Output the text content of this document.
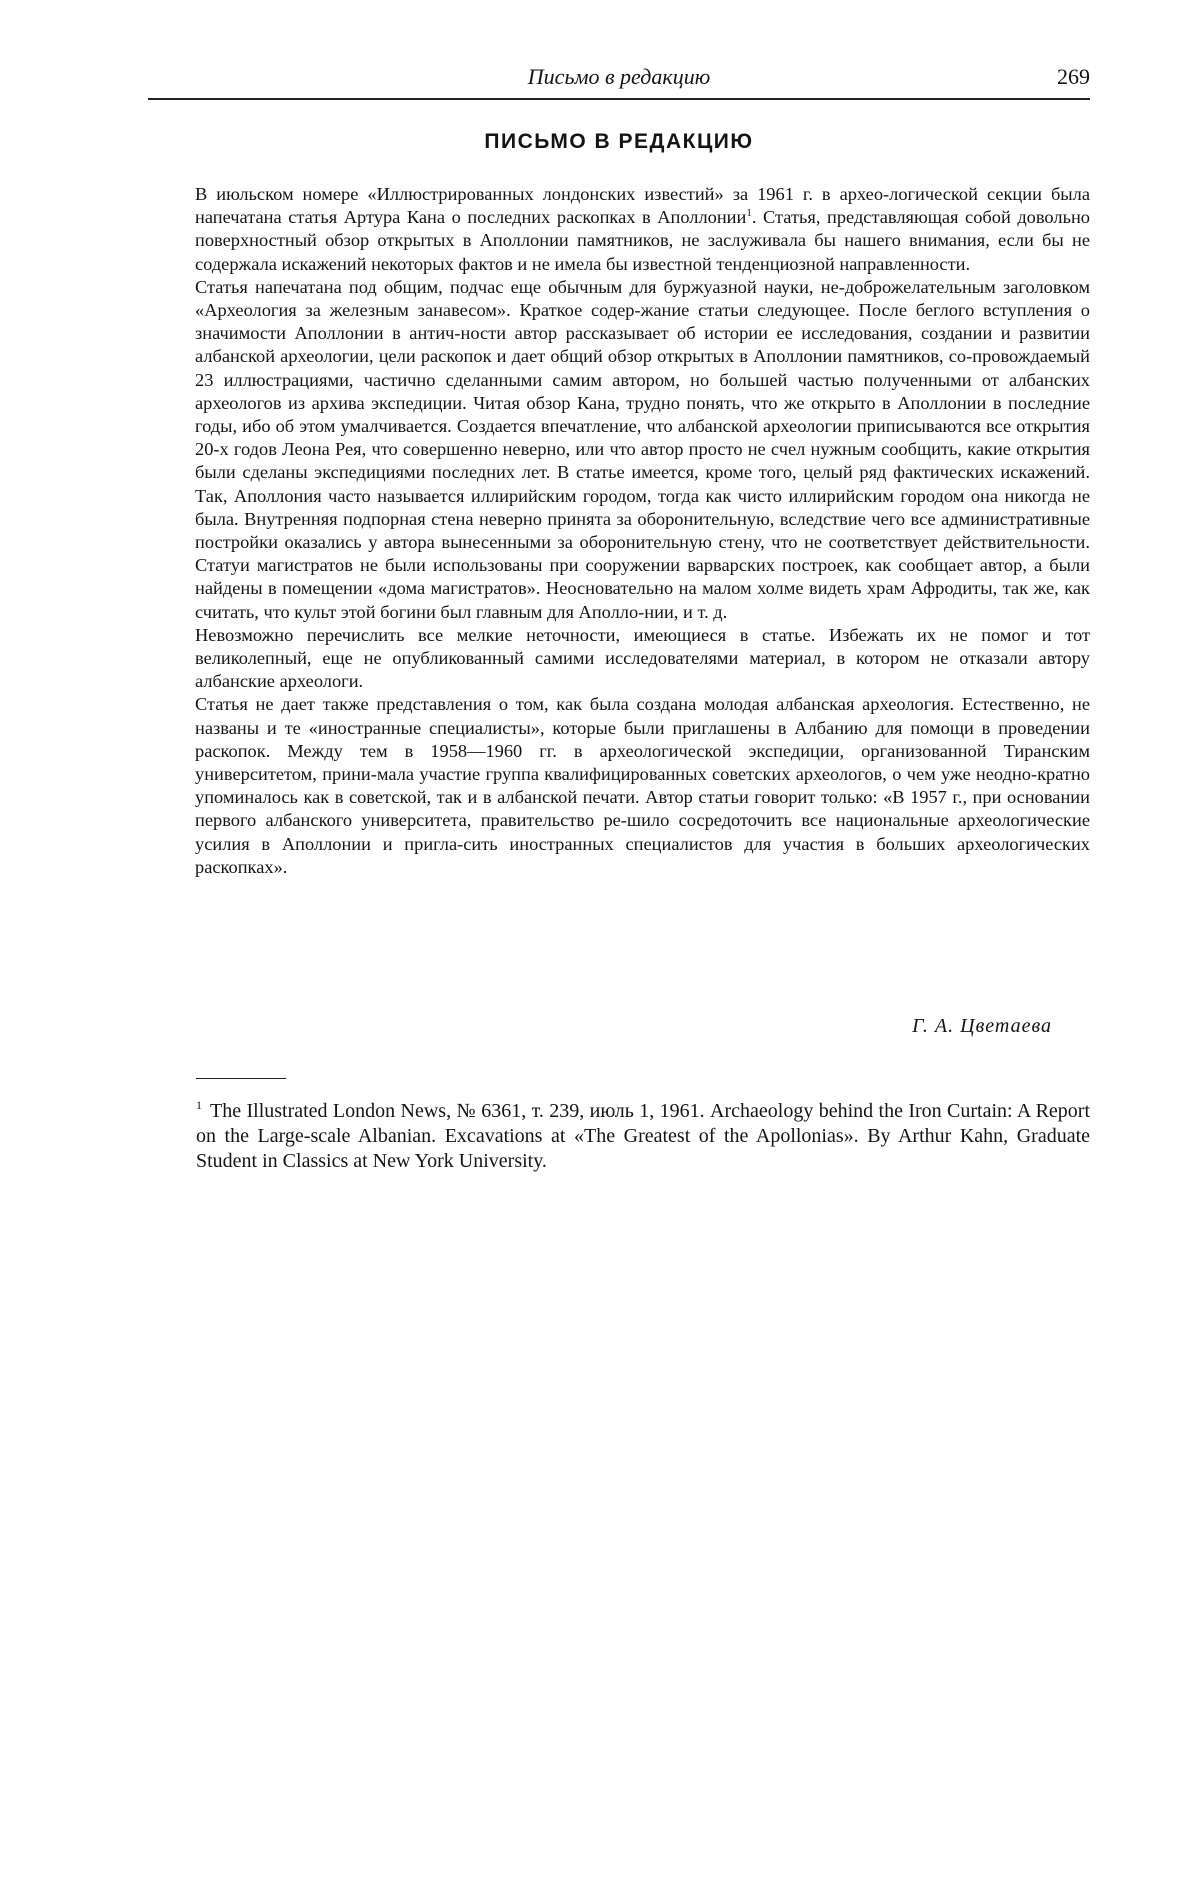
Письмо в редакцию	269
ПИСЬМО В РЕДАКЦИЮ

В июльском номере «Иллюстрированных лондонских известий» за 1961 г. в архео-логической секции была напечатана статья Артура Кана о последних раскопках в Аполлонии$^1$. Статья, представляющая собой довольно поверхностный обзор открытых в Аполлонии памятников, не заслуживала бы нашего внимания, если бы не содержала искажений некоторых фактов и не имела бы известной тенденциозной направленности.

Статья напечатана под общим, подчас еще обычным для буржуазной науки, не-доброжелательным заголовком «Археология за железным занавесом». Краткое содер-жание статьи следующее. После беглого вступления о значимости Аполлонии в антич-ности автор рассказывает об истории ее исследования, создании и развитии албанской археологии, цели раскопок и дает общий обзор открытых в Аполлонии памятников, со-провождаемый 23 иллюстрациями, частично сделанными самим автором, но большей частью полученными от албанских археологов из архива экспедиции. Читая обзор Кана, трудно понять, что же открыто в Аполлонии в последние годы, ибо об этом умалчивается. Создается впечатление, что албанской археологии приписываются все открытия 20-х годов Леона Рея, что совершенно неверно, или что автор просто не счел нужным сообщить, какие открытия были сделаны экспедициями последних лет. В статье имеется, кроме того, целый ряд фактических искажений. Так, Аполлония часто называется иллирийским городом, тогда как чисто иллирийским городом она никогда не была. Внутренняя подпорная стена неверно принята за оборонительную, вследствие чего все административные постройки оказались у автора вынесенными за оборонительную стену, что не соответствует действительности. Статуи магистратов не были использованы при сооружении варварских построек, как сообщает автор, а были найдены в помещении «дома магистратов». Неосновательно на малом холме видеть храм Афродиты, так же, как считать, что культ этой богини был главным для Аполло-нии, и т. д.

Невозможно перечислить все мелкие неточности, имеющиеся в статье. Избежать их не помог и тот великолепный, еще не опубликованный самими исследователями материал, в котором не отказали автору албанские археологи.

Статья не дает также представления о том, как была создана молодая албанская археология. Естественно, не названы и те «иностранные специалисты», которые были приглашены в Албанию для помощи в проведении раскопок. Между тем в 1958—1960 гг. в археологической экспедиции, организованной Тиранским университетом, прини-мала участие группа квалифицированных советских археологов, о чем уже неодно-кратно упоминалось как в советской, так и в албанской печати. Автор статьи говорит только: «В 1957 г., при основании первого албанского университета, правительство ре-шило сосредоточить все национальные археологические усилия в Аполлонии и пригла-сить иностранных специалистов для участия в больших археологических раскопках».

Г. А. Цветаева
$^1$ The Illustrated London News, № 6361, т. 239, июль 1, 1961. Archaeology behind the Iron Curtain: A Report on the Large-scale Albanian. Excavations at «The Greatest of the Apollonias». By Arthur Kahn, Graduate Student in Classics at New York University.
